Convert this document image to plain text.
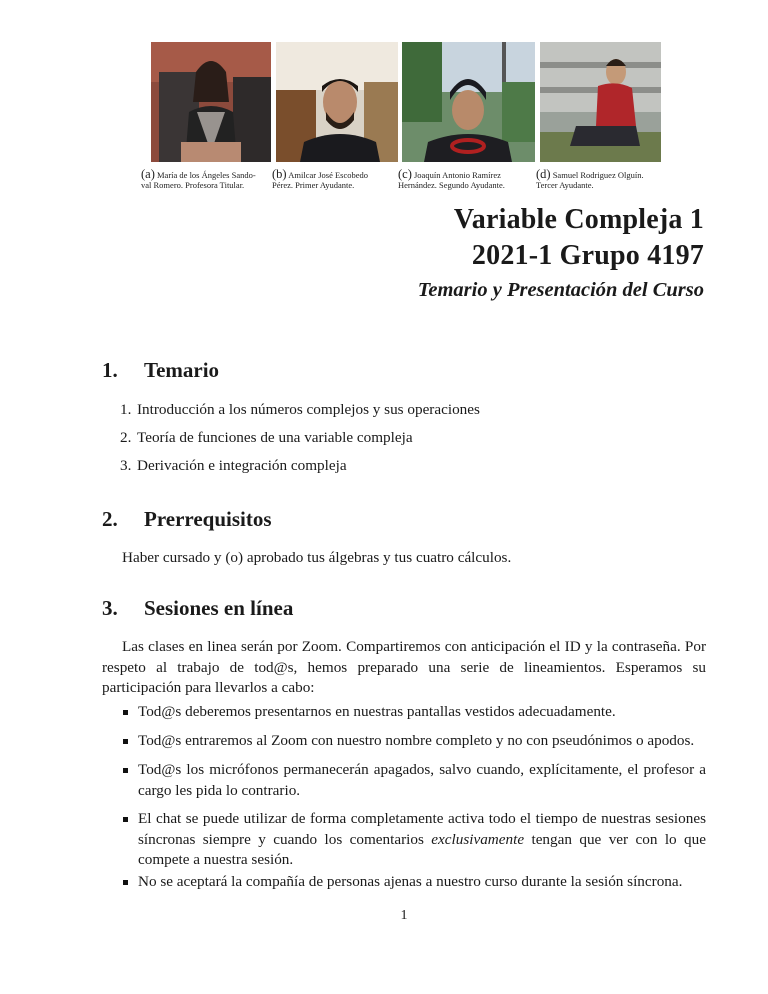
(a) María de los Ángeles Sando-
val Romero. Profesora Titular.
(b) Amilcar José Escobedo
Pérez. Primer Ayudante.
(c) Joaquín Antonio Ramírez
Hernández. Segundo Ayudante.
(d) Samuel Rodriguez Olguín.
Tercer Ayudante.
Variable Compleja 1
2021-1 Grupo 4197
Temario y Presentación del Curso
1. Temario
1. Introducción a los números complejos y sus operaciones
2. Teoría de funciones de una variable compleja
3. Derivación e integración compleja
2. Prerrequisitos
Haber cursado y (o) aprobado tus álgebras y tus cuatro cálculos.
3. Sesiones en línea
Las clases en linea serán por Zoom. Compartiremos con anticipación el ID y la contraseña. Por respeto al trabajo de tod@s, hemos preparado una serie de lineamientos. Esperamos su participación para llevarlos a cabo:
Tod@s deberemos presentarnos en nuestras pantallas vestidos adecuadamente.
Tod@s entraremos al Zoom con nuestro nombre completo y no con pseudónimos o apodos.
Tod@s los micrófonos permanecerán apagados, salvo cuando, explícitamente, el profesor a cargo les pida lo contrario.
El chat se puede utilizar de forma completamente activa todo el tiempo de nuestras sesiones síncronas siempre y cuando los comentarios exclusivamente tengan que ver con lo que compete a nuestra sesión.
No se aceptará la compañía de personas ajenas a nuestro curso durante la sesión síncrona.
1
